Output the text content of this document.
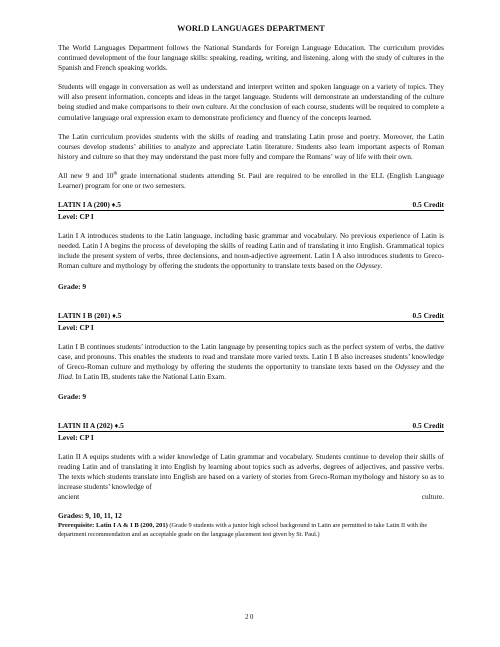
WORLD LANGUAGES DEPARTMENT

The World Languages Department follows the National Standards for Foreign Language Education. The curriculum provides continued development of the four language skills: speaking, reading, writing, and listening, along with the study of cultures in the Spanish and French speaking worlds.

Students will engage in conversation as well as understand and interpret written and spoken language on a variety of topics. They will also present information, concepts and ideas in the target language. Students will demonstrate an understanding of the culture being studied and make comparisons to their own culture. At the conclusion of each course, students will be required to complete a cumulative language oral expression exam to demonstrate proficiency and fluency of the concepts learned.

The Latin curriculum provides students with the skills of reading and translating Latin prose and poetry. Moreover, the Latin courses develop students’ abilities to analyze and appreciate Latin literature. Students also learn important aspects of Roman history and culture so that they may understand the past more fully and compare the Romans’ way of life with their own.

All new 9 and 10th grade international students attending St. Paul are required to be enrolled in the ELL (English Language Learner) program for one or two semesters.

LATIN I A (200) ♦.5	0.5 Credit
Level: CP I

Latin I A introduces students to the Latin language, including basic grammar and vocabulary. No previous experience of Latin is needed. Latin I A begins the process of developing the skills of reading Latin and of translating it into English. Grammatical topics include the present system of verbs, three declensions, and noun-adjective agreement. Latin I A also introduces students to Greco-Roman culture and mythology by offering the students the opportunity to translate texts based on the Odyssey.

Grade: 9
LATIN I B (201) ♦.5	0.5 Credit
Level: CP I

Latin I B continues students’ introduction to the Latin language by presenting topics such as the perfect system of verbs, the dative case, and pronouns. This enables the students to read and translate more varied texts. Latin I B also increases students’ knowledge of Greco-Roman culture and mythology by offering the students the opportunity to translate texts based on the Odyssey and the Iliad. In Latin IB, students take the National Latin Exam.

Grade: 9
LATIN II A (202) ♦.5	0.5 Credit
Level: CP I

Latin II A equips students with a wider knowledge of Latin grammar and vocabulary. Students continue to develop their skills of reading Latin and of translating it into English by learning about topics such as adverbs, degrees of adjectives, and passive verbs. The texts which students translate into English are based on a variety of stories from Greco-Roman mythology and history so as to increase students’ knowledge of

ancient	culture.
Grades: 9, 10, 11, 12
Prerequisite: Latin I A & I B (200, 201) (Grade 9 students with a junior high school background in Latin are permitted to take Latin II with the department recommendation and an acceptable grade on the language placement test given by St. Paul.)
20
